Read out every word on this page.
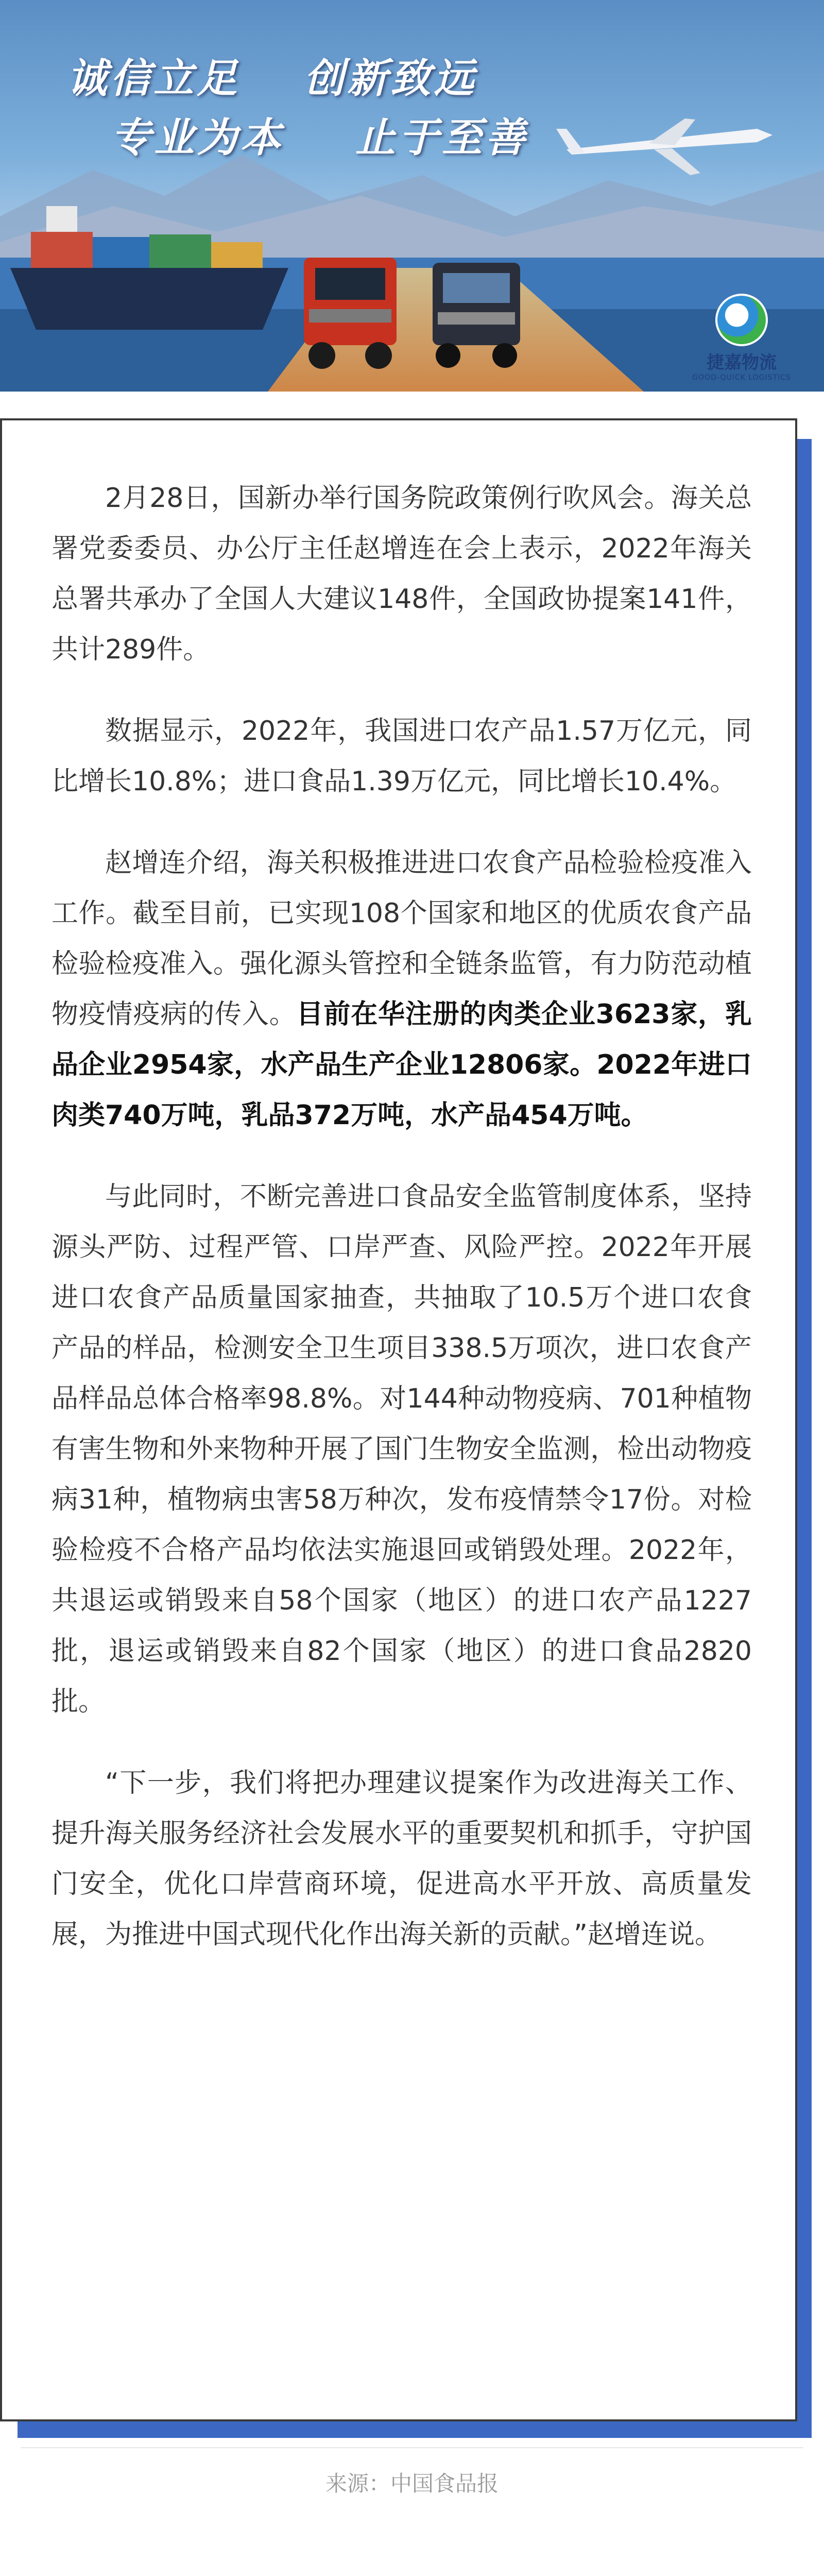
诚信立足 创新致远
专业为本 止于至善
捷嘉物流
GOOD-QUICK LOGISTICS

2月28日，国新办举行国务院政策例行吹风会。海关总署党委委员、办公厅主任赵增连在会上表示，2022年海关总署共承办了全国人大建议148件，全国政协提案141件，共计289件。

数据显示，2022年，我国进口农产品1.57万亿元，同比增长10.8%；进口食品1.39万亿元，同比增长10.4%。

赵增连介绍，海关积极推进进口农食产品检验检疫准入工作。截至目前，已实现108个国家和地区的优质农食产品检验检疫准入。强化源头管控和全链条监管，有力防范动植物疫情疫病的传入。目前在华注册的肉类企业3623家，乳品企业2954家，水产品生产企业12806家。2022年进口肉类740万吨，乳品372万吨，水产品454万吨。

与此同时，不断完善进口食品安全监管制度体系，坚持源头严防、过程严管、口岸严查、风险严控。2022年开展进口农食产品质量国家抽查，共抽取了10.5万个进口农食产品的样品，检测安全卫生项目338.5万项次，进口农食产品样品总体合格率98.8%。对144种动物疫病、701种植物有害生物和外来物种开展了国门生物安全监测，检出动物疫病31种，植物病虫害58万种次，发布疫情禁令17份。对检验检疫不合格产品均依法实施退回或销毁处理。2022年，共退运或销毁来自58个国家（地区）的进口农产品1227批，退运或销毁来自82个国家（地区）的进口食品2820批。

“下一步，我们将把办理建议提案作为改进海关工作、提升海关服务经济社会发展水平的重要契机和抓手，守护国门安全，优化口岸营商环境，促进高水平开放、高质量发展，为推进中国式现代化作出海关新的贡献。”赵增连说。

来源：中国食品报
